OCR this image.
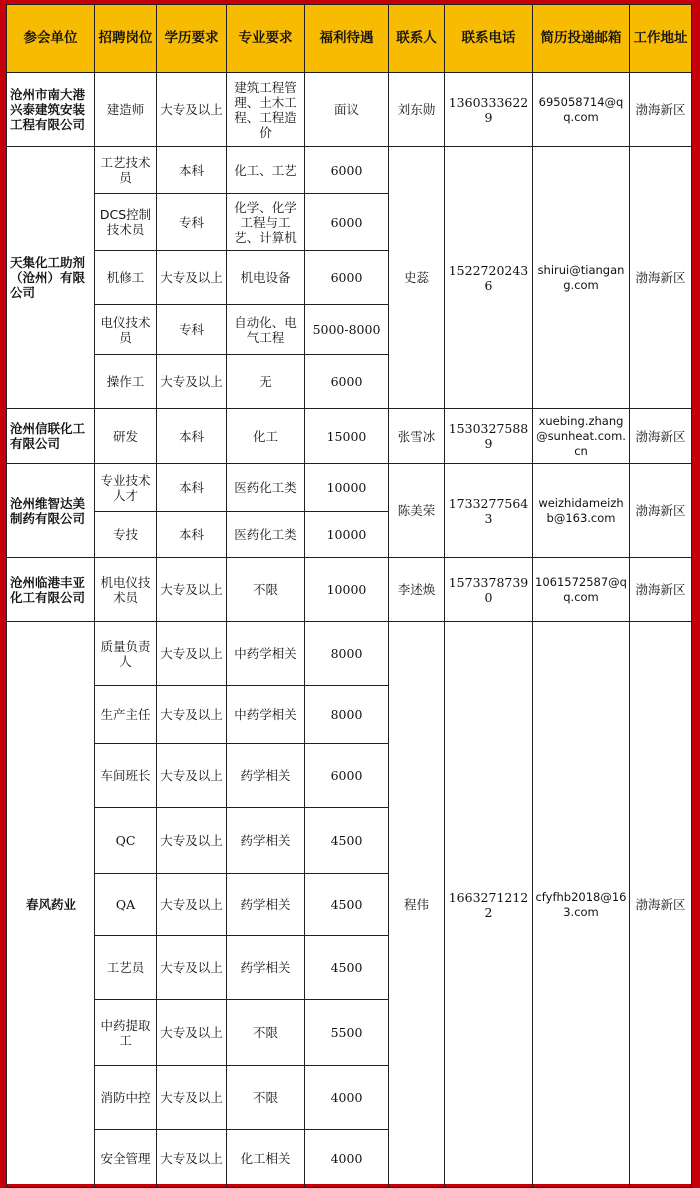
参会单位	招聘岗位	学历要求	专业要求	福利待遇	联系人	联系电话	简历投递邮箱	工作地址
沧州市南大港兴泰建筑安装工程有限公司	建造师	大专及以上	建筑工程管理、土木工程、工程造价	面议	刘东勋	13603336229	695058714@qq.com	渤海新区
天集化工助剂（沧州）有限公司	工艺技术员	本科	化工、工艺	6000	史蕊	15227202436	shirui@tiangang.com	渤海新区
	DCS控制技术员	专科	化学、化学工程与工艺、计算机	6000				
	机修工	大专及以上	机电设备	6000				
	电仪技术员	专科	自动化、电气工程	5000-8000				
	操作工	大专及以上	无	6000				
沧州信联化工有限公司	研发	本科	化工	15000	张雪冰	15303275889	xuebing.zhang@sunheat.com.cn	渤海新区
沧州维智达美制药有限公司	专业技术人才	本科	医药化工类	10000	陈美荣	17332775643	weizhidameizhb@163.com	渤海新区
	专技	本科	医药化工类	10000				
沧州临港丰亚化工有限公司	机电仪技术员	大专及以上	不限	10000	李述焕	15733787390	1061572587@qq.com	渤海新区
春风药业	质量负责人	大专及以上	中药学相关	8000	程伟	16632712122	cfyfhb2018@163.com	渤海新区
	生产主任	大专及以上	中药学相关	8000				
	车间班长	大专及以上	药学相关	6000				
	QC	大专及以上	药学相关	4500				
	QA	大专及以上	药学相关	4500				
	工艺员	大专及以上	药学相关	4500				
	中药提取工	大专及以上	不限	5500				
	消防中控	大专及以上	不限	4000				
	安全管理	大专及以上	化工相关	4000				
